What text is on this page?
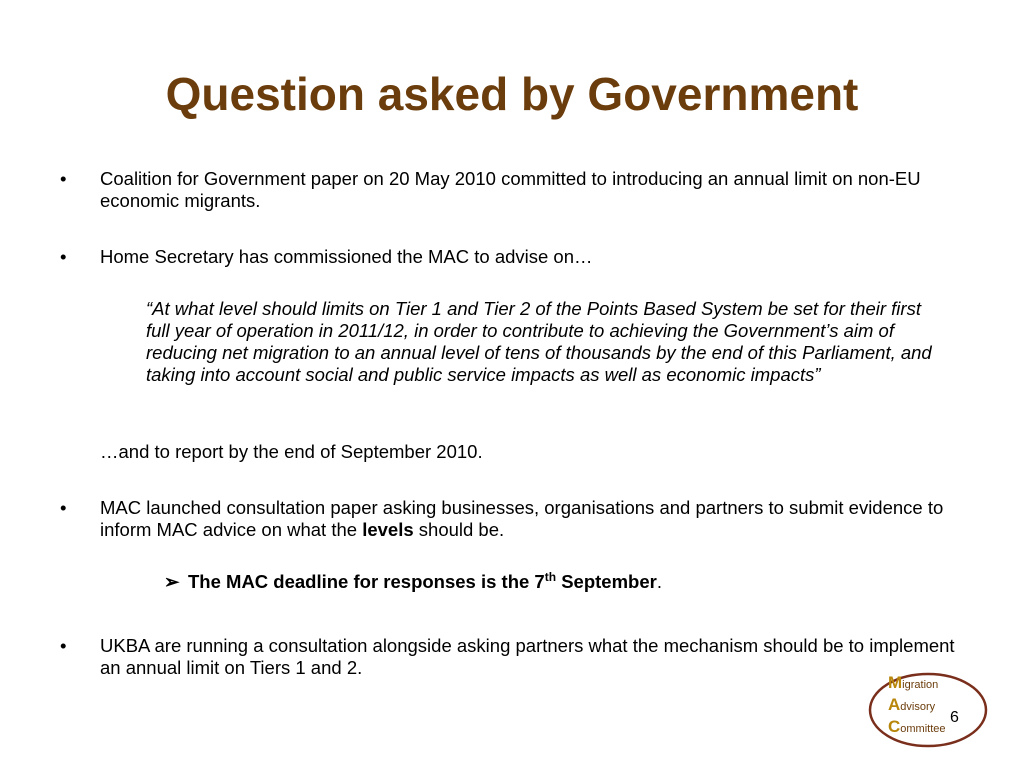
Question asked by Government
•	Coalition for Government paper on 20 May 2010 committed to introducing an annual limit on non-EU economic migrants.
•	Home Secretary has commissioned the MAC to advise on…
“At what level should limits on Tier 1 and Tier 2 of the Points Based System be set for their first full year of operation in 2011/12, in order to contribute to achieving the Government’s aim of reducing net migration to an annual level of tens of thousands by the end of this Parliament, and taking into account social and public service impacts as well as economic impacts”
…and to report by the end of September 2010.
•	MAC launched consultation paper asking businesses, organisations and partners to submit evidence to inform MAC advice on what the levels should be.
➢ The MAC deadline for responses is the 7th September.
•	UKBA are running a consultation alongside asking partners what the mechanism should be to implement an annual limit on Tiers 1 and 2.
Migration
Advisory
Committee
6
